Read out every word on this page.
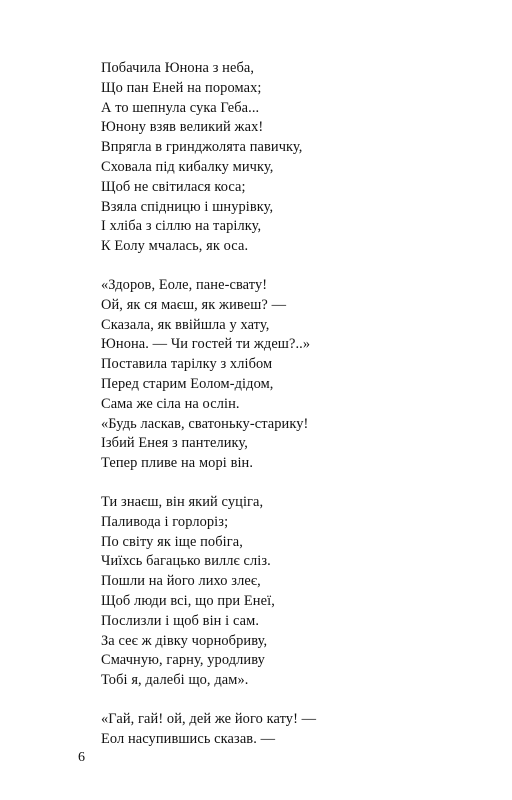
Побачила Юнона з неба,
Що пан Еней на поромах;
А то шепнула сука Геба...
Юнону взяв великий жах!
Впрягла в гринджолята павичку,
Сховала під кибалку мичку,
Щоб не світилася коса;
Взяла спідницю і шнурівку,
І хліба з сіллю на тарілку,
К Еолу мчалась, як оса.
«Здоров, Еоле, пане-свату!
Ой, як ся маєш, як живеш? —
Сказала, як ввійшла у хату,
Юнона. — Чи гостей ти ждеш?..»
Поставила тарілку з хлібом
Перед старим Еолом-дідом,
Сама же сіла на ослін.
«Будь ласкав, сватоньку-старику!
Ізбий Енея з пантелику,
Тепер пливе на морі він.
Ти знаєш, він який суціга,
Паливода і горлоріз;
По світу як іще побіга,
Чиїхсь багацько виллє сліз.
Пошли на його лихо злеє,
Щоб люди всі, що при Енеї,
Послизли і щоб він і сам.
За сеє ж дівку чорнобриву,
Смачную, гарну, уродливу
Тобі я, далебі що, дам».
«Гай, гай! ой, дей же його кату! —
Еол насупившись сказав. —
6
